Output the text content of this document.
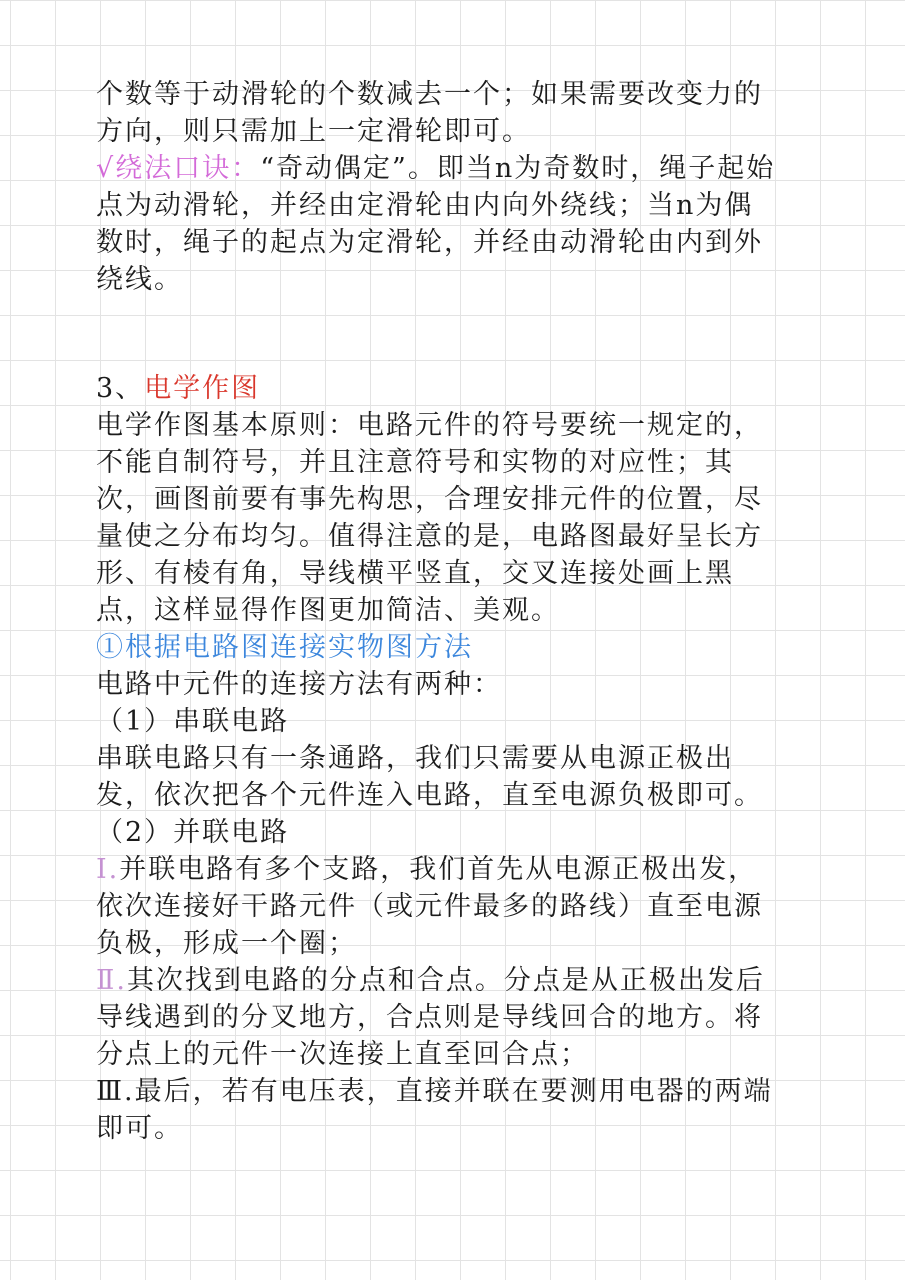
个数等于动滑轮的个数减去一个；如果需要改变力的
方向，则只需加上一定滑轮即可。
√绕法口诀：“奇动偶定”。即当n为奇数时，绳子起始
点为动滑轮，并经由定滑轮由内向外绕线；当n为偶
数时，绳子的起点为定滑轮，并经由动滑轮由内到外
绕线。
3、电学作图
电学作图基本原则：电路元件的符号要统一规定的，
不能自制符号，并且注意符号和实物的对应性；其
次，画图前要有事先构思，合理安排元件的位置，尽
量使之分布均匀。值得注意的是，电路图最好呈长方
形、有棱有角，导线横平竖直，交叉连接处画上黑
点，这样显得作图更加简洁、美观。
①根据电路图连接实物图方法
电路中元件的连接方法有两种：
（1）串联电路
串联电路只有一条通路，我们只需要从电源正极出
发，依次把各个元件连入电路，直至电源负极即可。
（2）并联电路
Ⅰ.并联电路有多个支路，我们首先从电源正极出发，
依次连接好干路元件（或元件最多的路线）直至电源
负极，形成一个圈；
Ⅱ.其次找到电路的分点和合点。分点是从正极出发后
导线遇到的分叉地方，合点则是导线回合的地方。将
分点上的元件一次连接上直至回合点；
Ⅲ.最后，若有电压表，直接并联在要测用电器的两端
即可。
